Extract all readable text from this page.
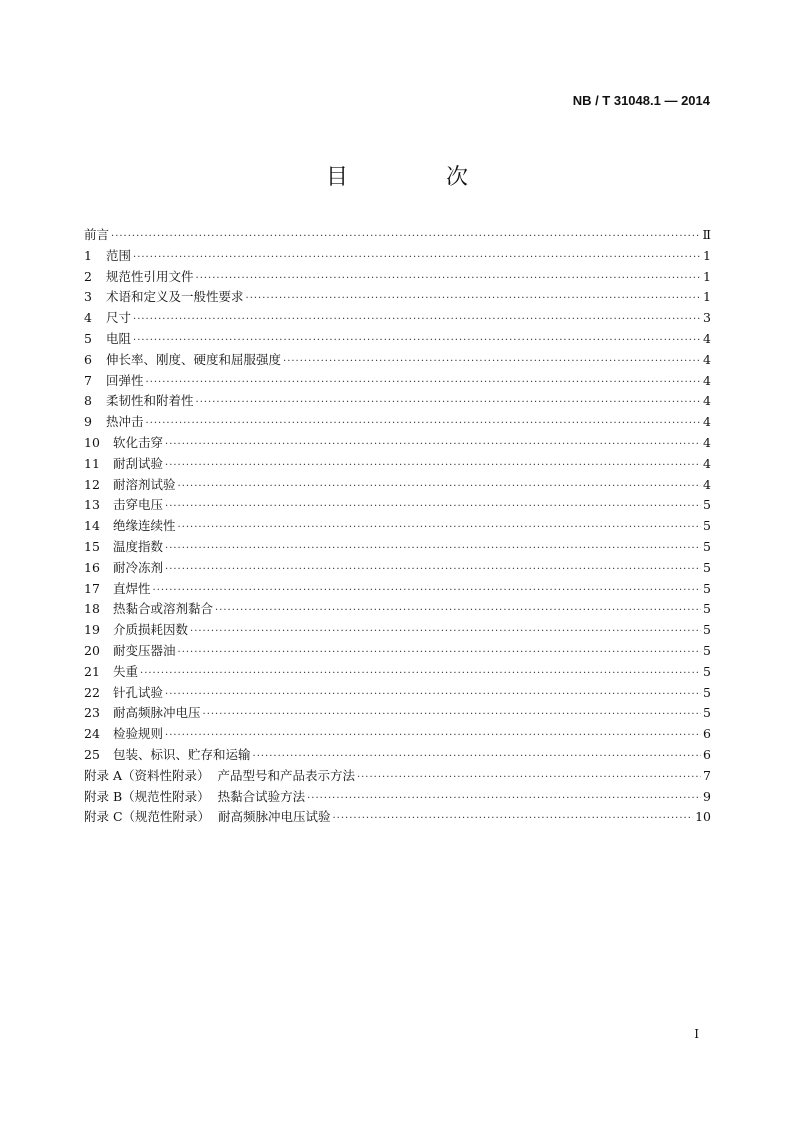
NB / T 31048.1 — 2014
目　次
前言 ·····	Ⅱ
1	范围 ·····	1
2	规范性引用文件 ·····	1
3	术语和定义及一般性要求 ·····	1
4	尺寸 ·····	3
5	电阻 ·····	4
6	伸长率、刚度、硬度和屈服强度 ·····	4
7	回弹性 ·····	4
8	柔韧性和附着性 ·····	4
9	热冲击 ·····	4
10	软化击穿 ·····	4
11	耐刮试验 ·····	4
12	耐溶剂试验 ·····	4
13	击穿电压 ·····	5
14	绝缘连续性 ·····	5
15	温度指数 ·····	5
16	耐冷冻剂 ·····	5
17	直焊性 ·····	5
18	热黏合或溶剂黏合 ·····	5
19	介质损耗因数 ·····	5
20	耐变压器油 ·····	5
21	失重 ·····	5
22	针孔试验 ·····	5
23	耐高频脉冲电压 ·····	5
24	检验规则 ·····	6
25	包装、标识、贮存和运输 ·····	6
附录 A（资料性附录）  产品型号和产品表示方法 ·····	7
附录 B（规范性附录）  热黏合试验方法 ·····	9
附录 C（规范性附录）  耐高频脉冲电压试验 ·····	10
I
